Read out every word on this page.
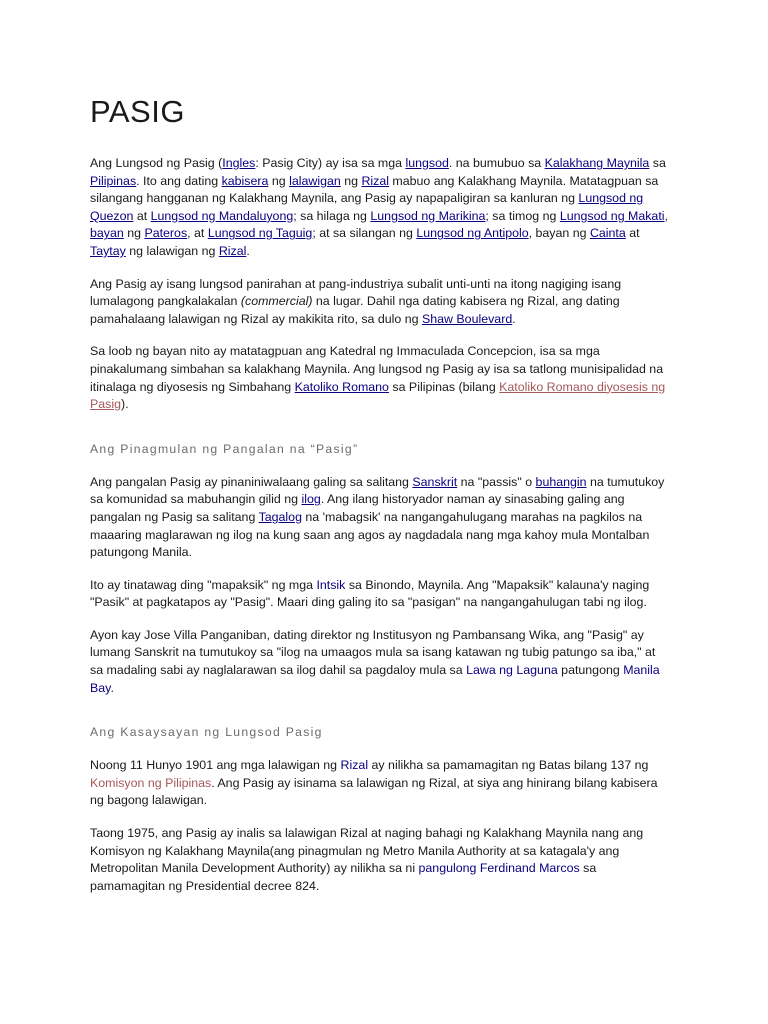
PASIG

Ang Lungsod ng Pasig (Ingles: Pasig City) ay isa sa mga lungsod. na bumubuo sa Kalakhang Maynila sa Pilipinas. Ito ang dating kabisera ng lalawigan ng Rizal mabuo ang Kalakhang Maynila. Matatagpuan sa silangang hangganan ng Kalakhang Maynila, ang Pasig ay napapaligiran sa kanluran ng Lungsod ng Quezon at Lungsod ng Mandaluyong; sa hilaga ng Lungsod ng Marikina; sa timog ng Lungsod ng Makati, bayan ng Pateros, at Lungsod ng Taguig; at sa silangan ng Lungsod ng Antipolo, bayan ng Cainta at Taytay ng lalawigan ng Rizal.

Ang Pasig ay isang lungsod panirahan at pang-industriya subalit unti-unti na itong nagiging isang lumalagong pangkalakalan (commercial) na lugar. Dahil nga dating kabisera ng Rizal, ang dating pamahalaang lalawigan ng Rizal ay makikita rito, sa dulo ng Shaw Boulevard.

Sa loob ng bayan nito ay matatagpuan ang Katedral ng Immaculada Concepcion, isa sa mga pinakalumang simbahan sa kalakhang Maynila. Ang lungsod ng Pasig ay isa sa tatlong munisipalidad na itinalaga ng diyosesis ng Simbahang Katoliko Romano sa Pilipinas (bilang Katoliko Romano diyosesis ng Pasig).

Ang Pinagmulan ng Pangalan na “Pasig”

Ang pangalan Pasig ay pinaniniwalaang galing sa salitang Sanskrit na "passis" o buhangin na tumutukoy sa komunidad sa mabuhangin gilid ng ilog. Ang ilang historyador naman ay sinasabing galing ang pangalan ng Pasig sa salitang Tagalog na 'mabagsik' na nangangahulugang marahas na pagkilos na maaaring maglarawan ng ilog na kung saan ang agos ay nagdadala nang mga kahoy mula Montalban patungong Manila.

Ito ay tinatawag ding "mapaksik" ng mga Intsik sa Binondo, Maynila. Ang "Mapaksik" kalauna'y naging "Pasik" at pagkatapos ay "Pasig". Maari ding galing ito sa "pasigan" na nangangahulugan tabi ng ilog.

Ayon kay Jose Villa Panganiban, dating direktor ng Institusyon ng Pambansang Wika, ang "Pasig" ay lumang Sanskrit na tumutukoy sa "ilog na umaagos mula sa isang katawan ng tubig patungo sa iba," at sa madaling sabi ay naglalarawan sa ilog dahil sa pagdaloy mula sa Lawa ng Laguna patungong Manila Bay.

Ang Kasaysayan ng Lungsod Pasig

Noong 11 Hunyo 1901 ang mga lalawigan ng Rizal ay nilikha sa pamamagitan ng Batas bilang 137 ng Komisyon ng Pilipinas. Ang Pasig ay isinama sa lalawigan ng Rizal, at siya ang hinirang bilang kabisera ng bagong lalawigan.

Taong 1975, ang Pasig ay inalis sa lalawigan Rizal at naging bahagi ng Kalakhang Maynila nang ang Komisyon ng Kalakhang Maynila(ang pinagmulan ng Metro Manila Authority at sa katagala'y ang Metropolitan Manila Development Authority) ay nilikha sa ni pangulong Ferdinand Marcos sa pamamagitan ng Presidential decree 824.
